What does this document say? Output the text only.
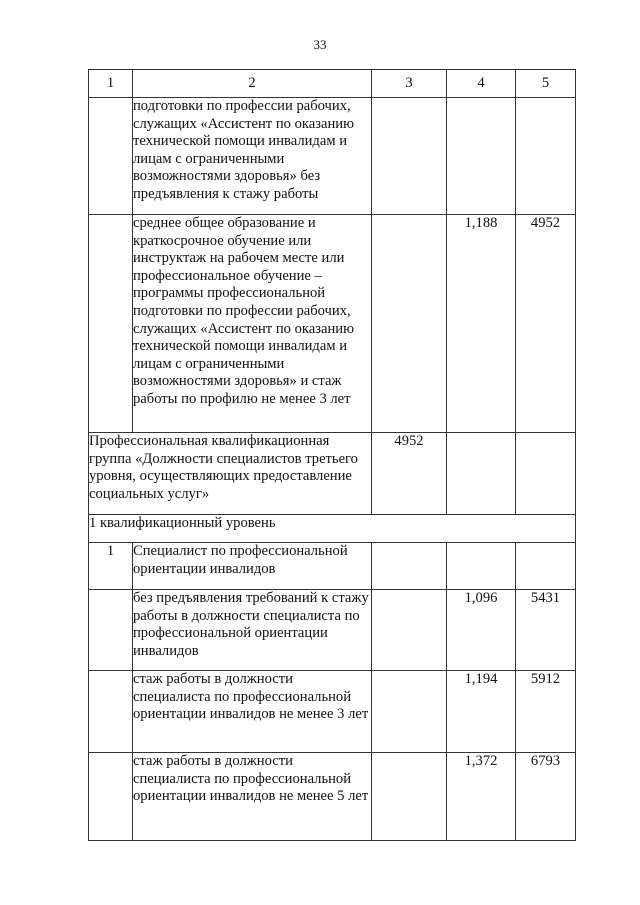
33
1	2	3	4	5
	подготовки по профессии рабочих, служащих «Ассистент по оказанию технической помощи инвалидам и лицам с ограниченными возможностями здоровья» без предъявления к стажу работы			
	среднее общее образование и краткосрочное обучение или инструктаж на рабочем месте или профессиональное обучение – программы профессиональной подготовки по профессии рабочих, служащих «Ассистент по оказанию технической помощи инвалидам и лицам с ограниченными возможностями здоровья» и стаж работы по профилю не менее 3 лет		1,188	4952
Профессиональная квалификационная группа «Должности специалистов третьего уровня, осуществляющих предоставление социальных услуг»		4952		
1 квалификационный уровень				
1	Специалист по профессиональной ориентации инвалидов			
	без предъявления требований к стажу работы в должности специалиста по профессиональной ориентации инвалидов		1,096	5431
	стаж работы в должности специалиста по профессиональной ориентации инвалидов не менее 3 лет		1,194	5912
	стаж работы в должности специалиста по профессиональной ориентации инвалидов не менее 5 лет		1,372	6793
